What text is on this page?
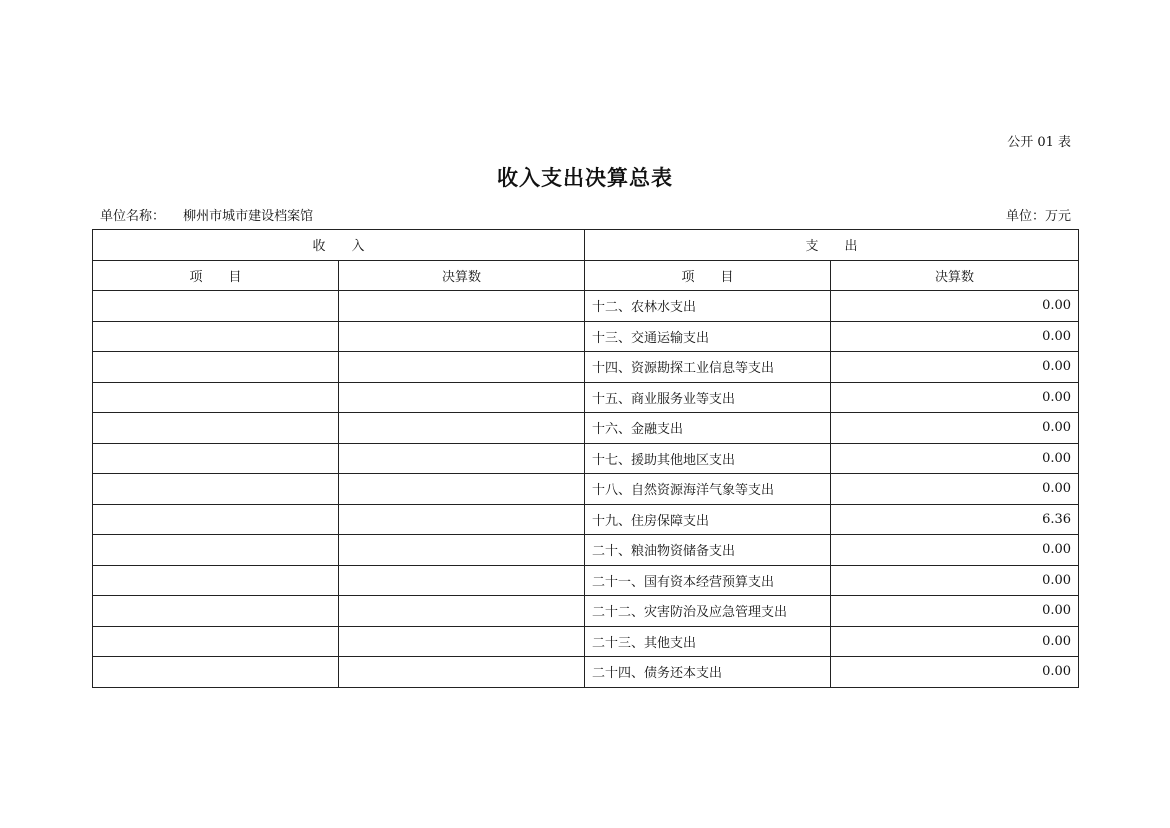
公开 01 表
收入支出决算总表
单位名称： 柳州市城市建设档案馆	单位：万元
收　　入		支　　出	
项　　目	决算数	项　　目	决算数
		十二、农林水支出	0.00
		十三、交通运输支出	0.00
		十四、资源勘探工业信息等支出	0.00
		十五、商业服务业等支出	0.00
		十六、金融支出	0.00
		十七、援助其他地区支出	0.00
		十八、自然资源海洋气象等支出	0.00
		十九、住房保障支出	6.36
		二十、粮油物资储备支出	0.00
		二十一、国有资本经营预算支出	0.00
		二十二、灾害防治及应急管理支出	0.00
		二十三、其他支出	0.00
		二十四、债务还本支出	0.00
